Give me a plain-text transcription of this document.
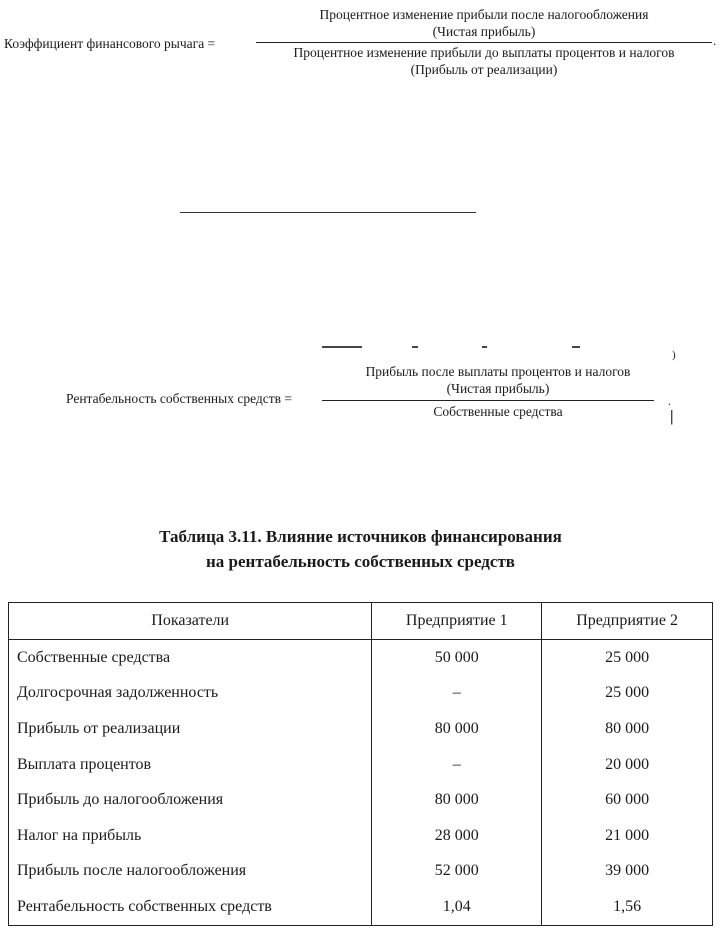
Процентное изменение прибыли после налогообложения
(Чистая прибыль)
Коэффициент финансового рычага =	.
Процентное изменение прибыли до выплаты процентов и налогов
(Прибыль от реализации)
)
Прибыль после выплаты процентов и налогов
(Чистая прибыль)
Рентабельность собственных средств =	.
Собственные средства	|
Таблица 3.11. Влияние источников финансирования
на рентабельность собственных средств
Показатели	Предприятие 1	Предприятие 2
Собственные средства	50 000	25 000
Долгосрочная задолженность	–	25 000
Прибыль от реализации	80 000	80 000
Выплата процентов	–	20 000
Прибыль до налогообложения	80 000	60 000
Налог на прибыль	28 000	21 000
Прибыль после налогообложения	52 000	39 000
Рентабельность собственных средств	1,04	1,56
